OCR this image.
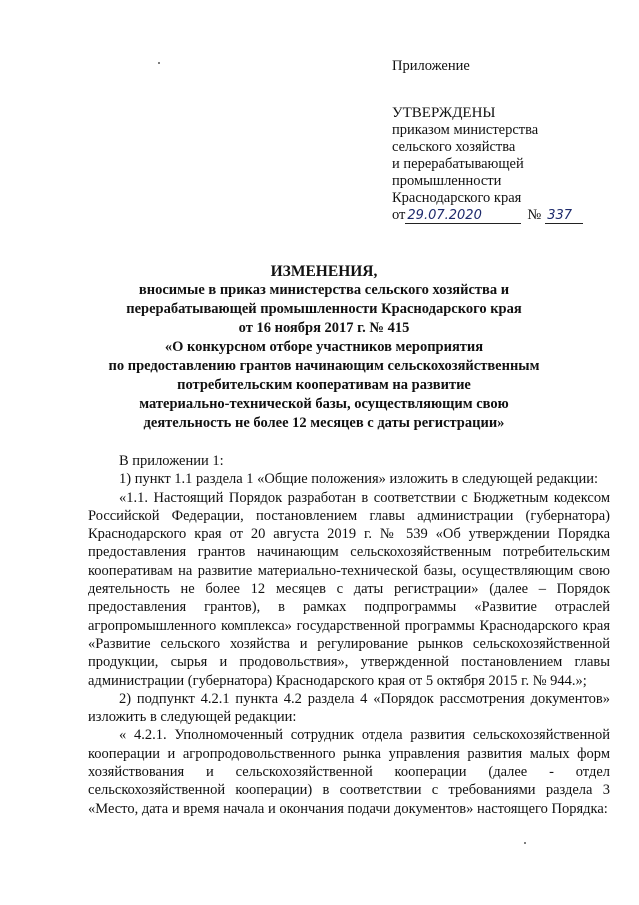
Приложение
УТВЕРЖДЕНЫ
приказом министерства
сельского хозяйства
и перерабатывающей
промышленности
Краснодарского края
от 29.07.2020	№ 337
ИЗМЕНЕНИЯ,
вносимые в приказ министерства сельского хозяйства и
перерабатывающей промышленности Краснодарского края
от 16 ноября 2017 г. № 415
«О конкурсном отборе участников мероприятия
по предоставлению грантов начинающим сельскохозяйственным
потребительским кооперативам на развитие
материально-технической базы, осуществляющим свою
деятельность не более 12 месяцев с даты регистрации»

В приложении 1:

1) пункт 1.1 раздела 1 «Общие положения» изложить в следующей редакции:

«1.1. Настоящий Порядок разработан в соответствии с Бюджетным кодексом Российской Федерации, постановлением главы администрации (губернатора) Краснодарского края от 20 августа 2019 г. № 539 «Об утверждении Порядка предоставления грантов начинающим сельскохозяйственным потребительским кооперативам на развитие материально-технической базы, осуществляющим свою деятельность не более 12 месяцев с даты регистрации» (далее – Порядок предоставления грантов), в рамках подпрограммы «Развитие отраслей агропромышленного комплекса» государственной программы Краснодарского края «Развитие сельского хозяйства и регулирование рынков сельскохозяйственной продукции, сырья и продовольствия», утвержденной постановлением главы администрации (губернатора) Краснодарского края от 5 октября 2015 г. № 944.»;

2) подпункт 4.2.1 пункта 4.2 раздела 4 «Порядок рассмотрения документов» изложить в следующей редакции:

« 4.2.1. Уполномоченный сотрудник отдела развития сельскохозяйственной кооперации и агропродовольственного рынка управления развития малых форм хозяйствования и сельскохозяйственной кооперации (далее - отдел сельскохозяйственной кооперации) в соответствии с требованиями раздела 3 «Место, дата и время начала и окончания подачи документов» настоящего Порядка:
